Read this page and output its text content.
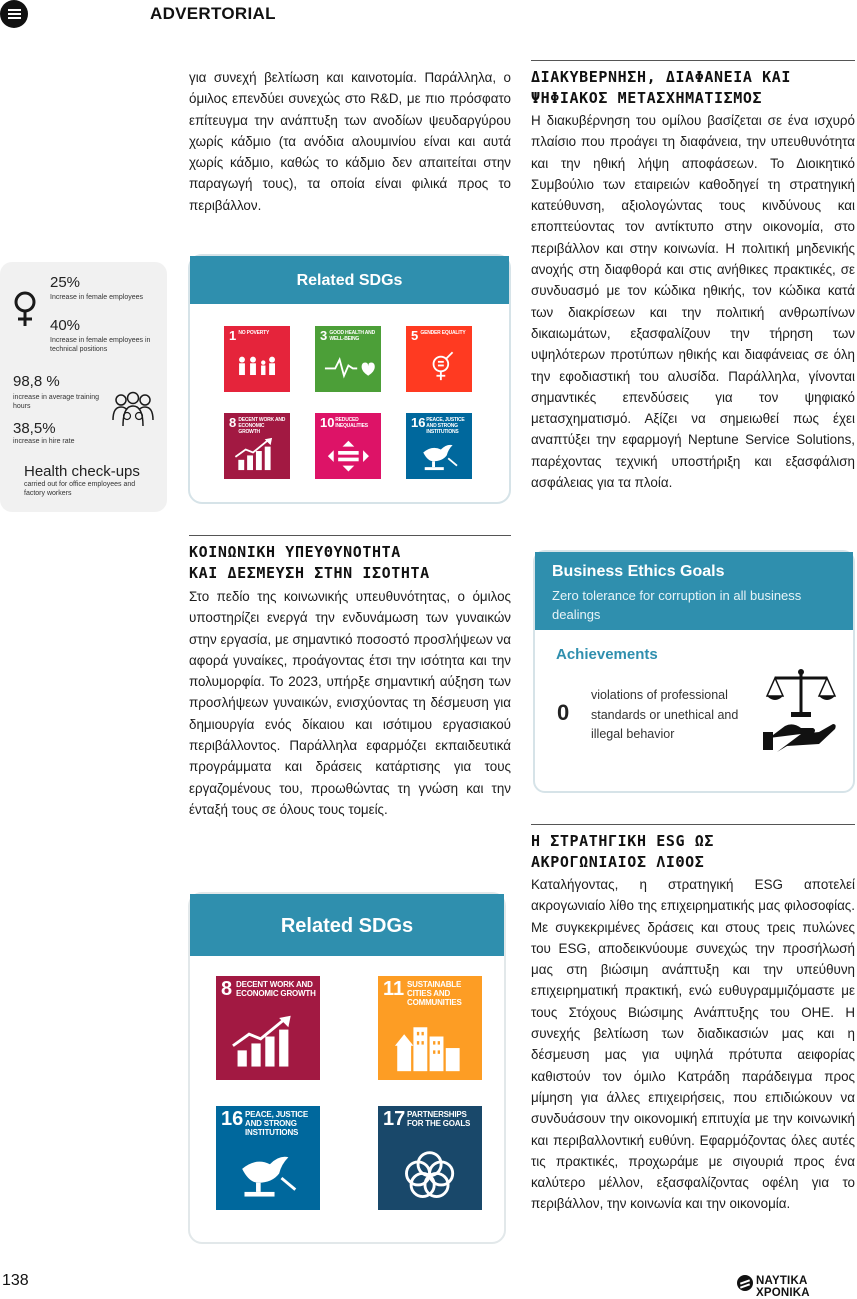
ADVERTORIAL
25%
Increase in female employees
40%
Increase in female employees in technical positions
98,8 %
increase in average training hours
38,5%
increase in hire rate
Health check-ups
carried out for office employees and factory workers
για συνεχή βελτίωση και καινοτομία. Παράλληλα, ο όμιλος επενδύει συνεχώς στο R&D, με πιο πρόσφατο επίτευγμα την ανάπτυξη των ανοδίων ψευδαργύρου χωρίς κάδμιο (τα ανόδια αλουμινίου είναι και αυτά χωρίς κάδμιο, καθώς το κάδμιο δεν απαιτείται στην παραγωγή τους), τα οποία είναι φιλικά προς το περιβάλλον.
Related SDGs
1 NO POVERTY	3 GOOD HEALTH AND WELL-BEING	5 GENDER EQUALITY
8 DECENT WORK AND ECONOMIC GROWTH
10 REDUCED INEQUALITIES	16 PEACE, JUSTICE AND STRONG INSTITUTIONS
ΚΟΙΝΩΝΙΚΗ ΥΠΕΥΘΥΝΟΤΗΤΑ
ΚΑΙ ΔΕΣΜΕΥΣΗ ΣΤΗΝ ΙΣΟΤΗΤΑ
Στο πεδίο της κοινωνικής υπευθυνότητας, ο όμιλος υποστηρίζει ενεργά την ενδυνάμωση των γυναικών στην εργασία, με σημαντικό ποσοστό προσλήψεων να αφορά γυναίκες, προάγοντας έτσι την ισότητα και την πολυμορφία. Το 2023, υπήρξε σημαντική αύξηση των προσλήψεων γυναικών, ενισχύοντας τη δέσμευση για δημιουργία ενός δίκαιου και ισότιμου εργασιακού περιβάλλοντος. Παράλληλα εφαρμόζει εκπαιδευτικά προγράμματα και δράσεις κατάρτισης για τους εργαζομένους του, προωθώντας τη γνώση και την ένταξή τους σε όλους τους τομείς.
Related SDGs
8 DECENT WORK AND ECONOMIC GROWTH	11 SUSTAINABLE CITIES AND COMMUNITIES
16 PEACE, JUSTICE AND STRONG INSTITUTIONS
17 PARTNERSHIPS FOR THE GOALS
ΔΙΑΚΥΒΕΡΝΗΣΗ, ΔΙΑΦΑΝΕΙΑ ΚΑΙ
ΨΗΦΙΑΚΟΣ ΜΕΤΑΣΧΗΜΑΤΙΣΜΟΣ
Η διακυβέρνηση του ομίλου βασίζεται σε ένα ισχυρό πλαίσιο που προάγει τη διαφάνεια, την υπευθυνότητα και την ηθική λήψη αποφάσεων. Το Διοικητικό Συμβούλιο των εταιρειών καθοδηγεί τη στρατηγική κατεύθυνση, αξιολογώντας τους κινδύνους και εποπτεύοντας τον αντίκτυπο στην οικονομία, στο περιβάλλον και στην κοινωνία. Η πολιτική μηδενικής ανοχής στη διαφθορά και στις ανήθικες πρακτικές, σε συνδυασμό με τον κώδικα ηθικής, τον κώδικα κατά των διακρίσεων και την πολιτική ανθρωπίνων δικαιωμάτων, εξασφαλίζουν την τήρηση των υψηλότερων προτύπων ηθικής και διαφάνειας σε όλη την εφοδιαστική του αλυσίδα. Παράλληλα, γίνονται σημαντικές επενδύσεις για τον ψηφιακό μετασχηματισμό. Αξίζει να σημειωθεί πως έχει αναπτύξει την εφαρμογή Neptune Service Solutions, παρέχοντας τεχνική υποστήριξη και εξασφάλιση ασφάλειας για τα πλοία.
Business Ethics Goals
Zero tolerance for corruption in all business dealings
Achievements
0
violations of professional standards or unethical and illegal behavior
Η ΣΤΡΑΤΗΓΙΚΗ ESG ΩΣ
ΑΚΡΟΓΩΝΙΑΙΟΣ ΛΙΘΟΣ
Καταλήγοντας, η στρατηγική ESG αποτελεί ακρογωνιαίο λίθο της επιχειρηματικής μας φιλοσοφίας. Με συγκεκριμένες δράσεις και στους τρεις πυλώνες του ESG, αποδεικνύουμε συνεχώς την προσήλωσή μας στη βιώσιμη ανάπτυξη και την υπεύθυνη επιχειρηματική πρακτική, ενώ ευθυγραμμιζόμαστε με τους Στόχους Βιώσιμης Ανάπτυξης του ΟΗΕ. Η συνεχής βελτίωση των διαδικασιών μας και η δέσμευση μας για υψηλά πρότυπα αειφορίας καθιστούν τον όμιλο Κατράδη παράδειγμα προς μίμηση για άλλες επιχειρήσεις, που επιδιώκουν να συνδυάσουν την οικονομική επιτυχία με την κοινωνική και περιβαλλοντική ευθύνη. Εφαρμόζοντας όλες αυτές τις πρακτικές, προχωράμε με σιγουριά προς ένα καλύτερο μέλλον, εξασφαλίζοντας οφέλη για το περιβάλλον, την κοινωνία και την οικονομία.
138	ΝΑΥΤΙΚΑ ΧΡΟΝΙΚΑ
